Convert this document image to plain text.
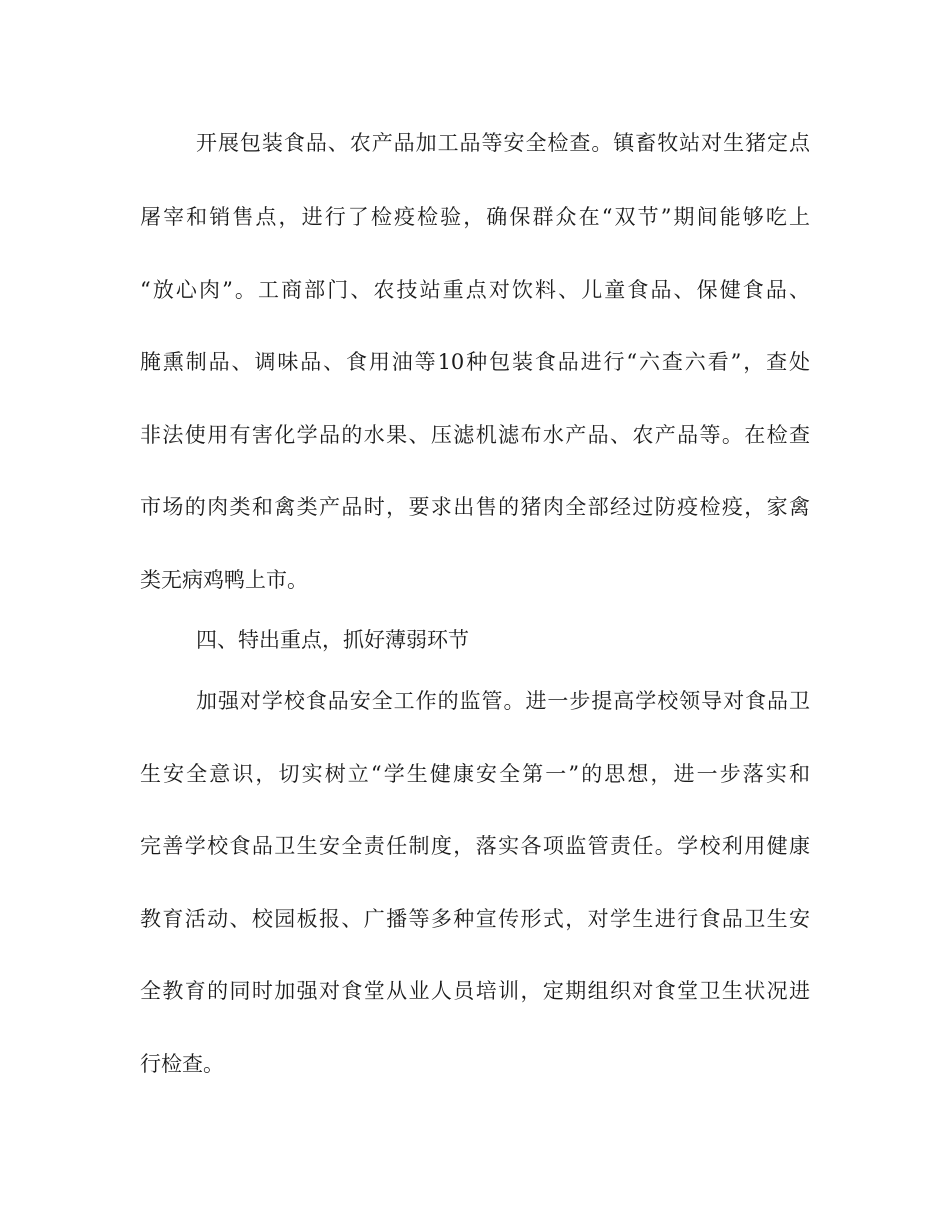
开展包装食品、农产品加工品等安全检查。镇畜牧站对生猪定点
屠宰和销售点，进行了检疫检验，确保群众在“双节”期间能够吃上
“放心肉”。工商部门、农技站重点对饮料、儿童食品、保健食品、
腌熏制品、调味品、食用油等10种包装食品进行“六查六看”，查处
非法使用有害化学品的水果、压滤机滤布水产品、农产品等。在检查
市场的肉类和禽类产品时，要求出售的猪肉全部经过防疫检疫，家禽
类无病鸡鸭上市。
四、特出重点，抓好薄弱环节
加强对学校食品安全工作的监管。进一步提高学校领导对食品卫
生安全意识，切实树立“学生健康安全第一”的思想，进一步落实和
完善学校食品卫生安全责任制度，落实各项监管责任。学校利用健康
教育活动、校园板报、广播等多种宣传形式，对学生进行食品卫生安
全教育的同时加强对食堂从业人员培训，定期组织对食堂卫生状况进
行检查。
